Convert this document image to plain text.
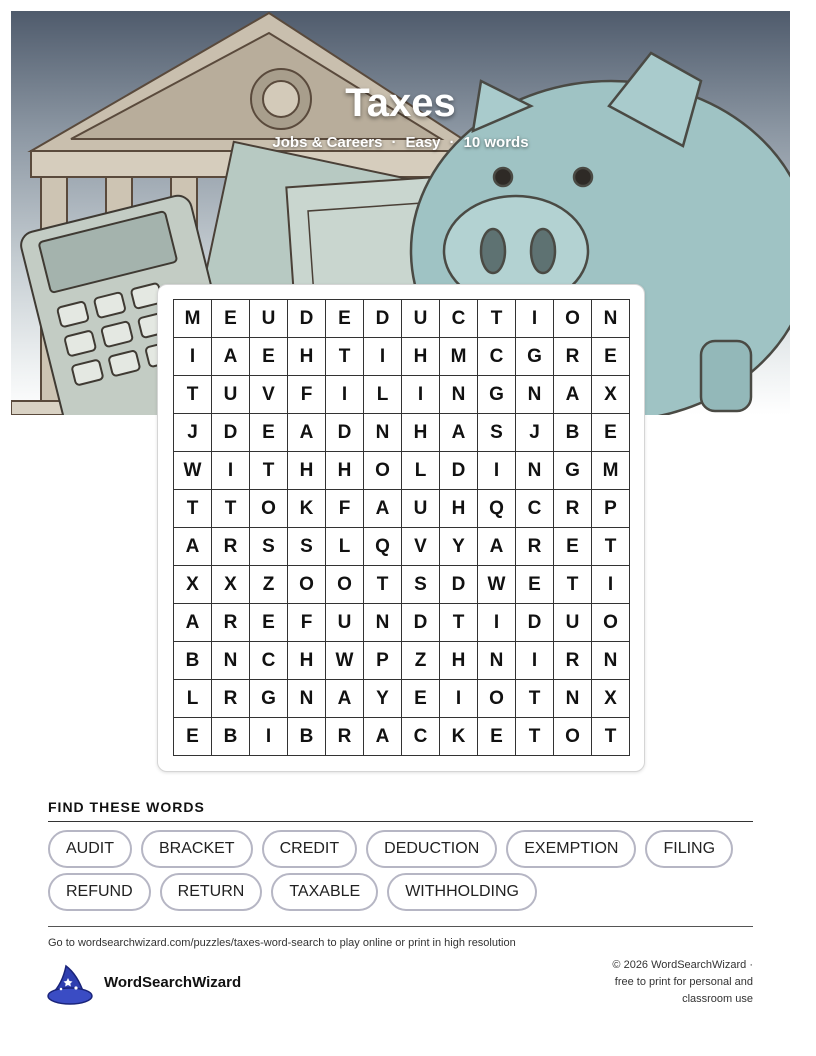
Taxes
Jobs & Careers · Easy · 10 words
M	E	U	D	E	D	U	C	T	I	O	N
I	A	E	H	T	I	H	M	C	G	R	E
T	U	V	F	I	L	I	N	G	N	A	X
J	D	E	A	D	N	H	A	S	J	B	E
W	I	T	H	H	O	L	D	I	N	G	M
T	T	O	K	F	A	U	H	Q	C	R	P
A	R	S	S	L	Q	V	Y	A	R	E	T
X	X	Z	O	O	T	S	D	W	E	T	I
A	R	E	F	U	N	D	T	I	D	U	O
B	N	C	H	W	P	Z	H	N	I	R	N
L	R	G	N	A	Y	E	I	O	T	N	X
E	B	I	B	R	A	C	K	E	T	O	T
FIND THESE WORDS
AUDIT	BRACKET	CREDIT	DEDUCTION	EXEMPTION	FILING
REFUND	RETURN	TAXABLE	WITHHOLDING
Go to wordsearchwizard.com/puzzles/taxes-word-search to play online or print in high resolution
WordSearchWizard
© 2026 WordSearchWizard ·
free to print for personal and
classroom use
